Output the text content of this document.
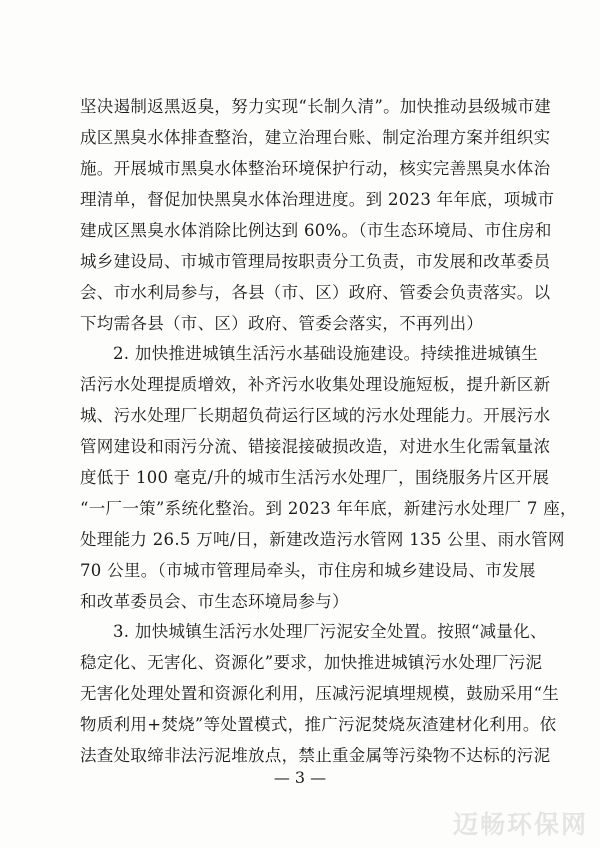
坚决遏制返黑返臭，努力实现“长制久清”。加快推动县级城市建
成区黑臭水体排查整治，建立治理台账、制定治理方案并组织实
施。开展城市黑臭水体整治环境保护行动，核实完善黑臭水体治
理清单，督促加快黑臭水体治理进度。到 2023 年年底，项城市
建成区黑臭水体消除比例达到 60%。（市生态环境局、市住房和
城乡建设局、市城市管理局按职责分工负责，市发展和改革委员
会、市水利局参与，各县（市、区）政府、管委会负责落实。以
下均需各县（市、区）政府、管委会落实，不再列出）
2. 加快推进城镇生活污水基础设施建设。持续推进城镇生
活污水处理提质增效，补齐污水收集处理设施短板，提升新区新
城、污水处理厂长期超负荷运行区域的污水处理能力。开展污水
管网建设和雨污分流、错接混接破损改造，对进水生化需氧量浓
度低于 100 毫克/升的城市生活污水处理厂，围绕服务片区开展
“一厂一策”系统化整治。到 2023 年年底，新建污水处理厂 7 座，
处理能力 26.5 万吨/日，新建改造污水管网 135 公里、雨水管网
70 公里。（市城市管理局牵头，市住房和城乡建设局、市发展
和改革委员会、市生态环境局参与）
3. 加快城镇生活污水处理厂污泥安全处置。按照“减量化、
稳定化、无害化、资源化”要求，加快推进城镇污水处理厂污泥
无害化处理处置和资源化利用，压减污泥填埋规模，鼓励采用“生
物质利用+焚烧”等处置模式，推广污泥焚烧灰渣建材化利用。依
法查处取缔非法污泥堆放点，禁止重金属等污染物不达标的污泥
— 3 —
迈畅环保网
